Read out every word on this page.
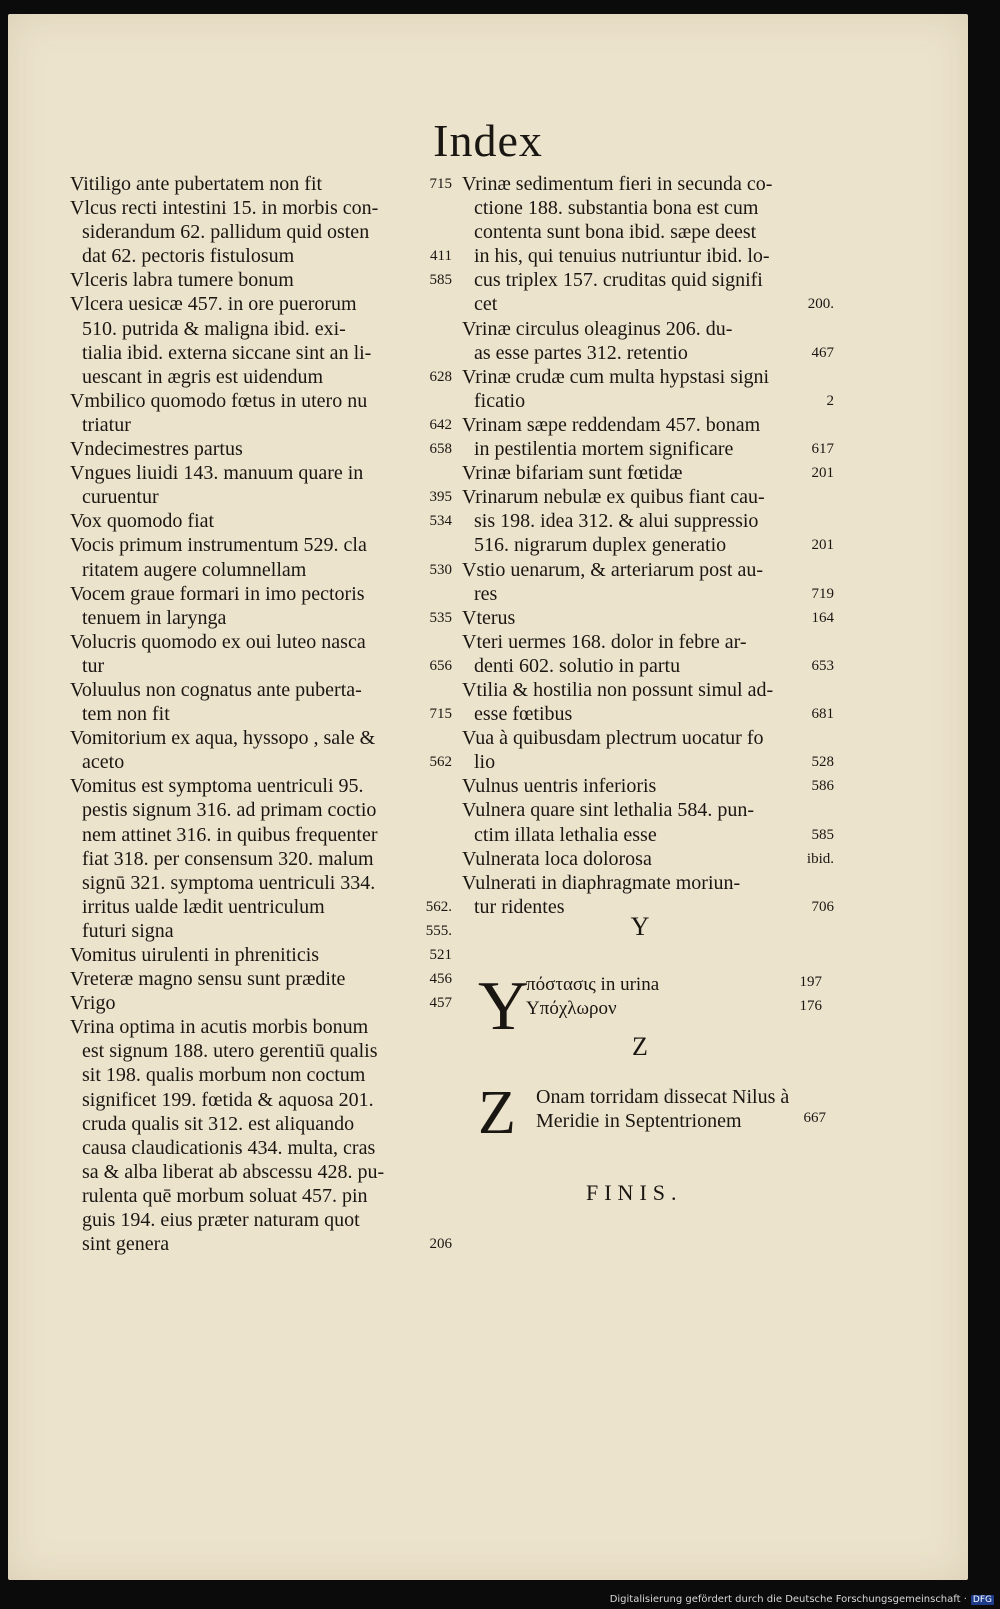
Index
Vitiligo ante pubertatem non fit	715
Vlcus recti intestini 15. in morbis con-
siderandum 62. pallidum quid osten
dat 62. pectoris fistulosum	411
Vlceris labra tumere bonum	585
Vlcera uesicæ 457. in ore puerorum
510. putrida & maligna ibid. exi-
tialia ibid. externa siccane sint an li-
uescant in ægris est uidendum	628
Vmbilico quomodo fœtus in utero nu
triatur	642
Vndecimestres partus	658
Vngues liuidi 143. manuum quare in
curuentur	395
Vox quomodo fiat	534
Vocis primum instrumentum 529. cla
ritatem augere columnellam	530
Vocem graue formari in imo pectoris
tenuem in larynga	535
Volucris quomodo ex oui luteo nasca
tur	656
Voluulus non cognatus ante puberta-
tem non fit	715
Vomitorium ex aqua, hyssopo , sale &
aceto	562
Vomitus est symptoma uentriculi 95.
pestis signum 316. ad primam coctio
nem attinet 316. in quibus frequenter
fiat 318. per consensum 320. malum
signū 321. symptoma uentriculi 334.
irritus ualde lædit uentriculum	562.
futuri signa	555.
Vomitus uirulenti in phreniticis	521
Vreteræ magno sensu sunt prædite	456
Vrigo	457
Vrina optima in acutis morbis bonum
est signum 188. utero gerentiū qualis
sit 198. qualis morbum non coctum
significet 199. fœtida & aquosa 201.
cruda qualis sit 312. est aliquando
causa claudicationis 434. multa, cras
sa & alba liberat ab abscessu 428. pu-
rulenta quē morbum soluat 457. pin
guis 194. eius præter naturam quot
sint genera	206
Vrinæ sedimentum fieri in secunda co-
ctione 188. substantia bona est cum
contenta sunt bona ibid. sæpe deest
in his, qui tenuius nutriuntur ibid. lo-
cus triplex 157. cruditas quid signifi
cet	200.
Vrinæ circulus oleaginus 206. du-
as esse partes 312. retentio	467
Vrinæ crudæ cum multa hypstasi signi
ficatio	2
Vrinam sæpe reddendam 457. bonam
in pestilentia mortem significare	617
Vrinæ bifariam sunt fœtidæ	201
Vrinarum nebulæ ex quibus fiant cau-
sis 198. idea 312. & alui suppressio
516. nigrarum duplex generatio	201
Vstio uenarum, & arteriarum post au-
res	719
Vterus	164
Vteri uermes 168. dolor in febre ar-
denti 602. solutio in partu	653
Vtilia & hostilia non possunt simul ad-
esse fœtibus	681
Vua à quibusdam plectrum uocatur fo
lio	528
Vulnus uentris inferioris	586
Vulnera quare sint lethalia 584. pun-
ctim illata lethalia esse	585
Vulnerata loca dolorosa	ibid.
Vulnerati in diaphragmate moriun-
tur ridentes	706
Y
Y
πόστασις in urina	197
Υπόχλωρον	176
Z
Z Onam torridam dissecat Nilus à
Meridie in Septentrionem	667
FINIS.
Digitalisierung gefördert durch die Deutsche Forschungsgemeinschaft · DFG
